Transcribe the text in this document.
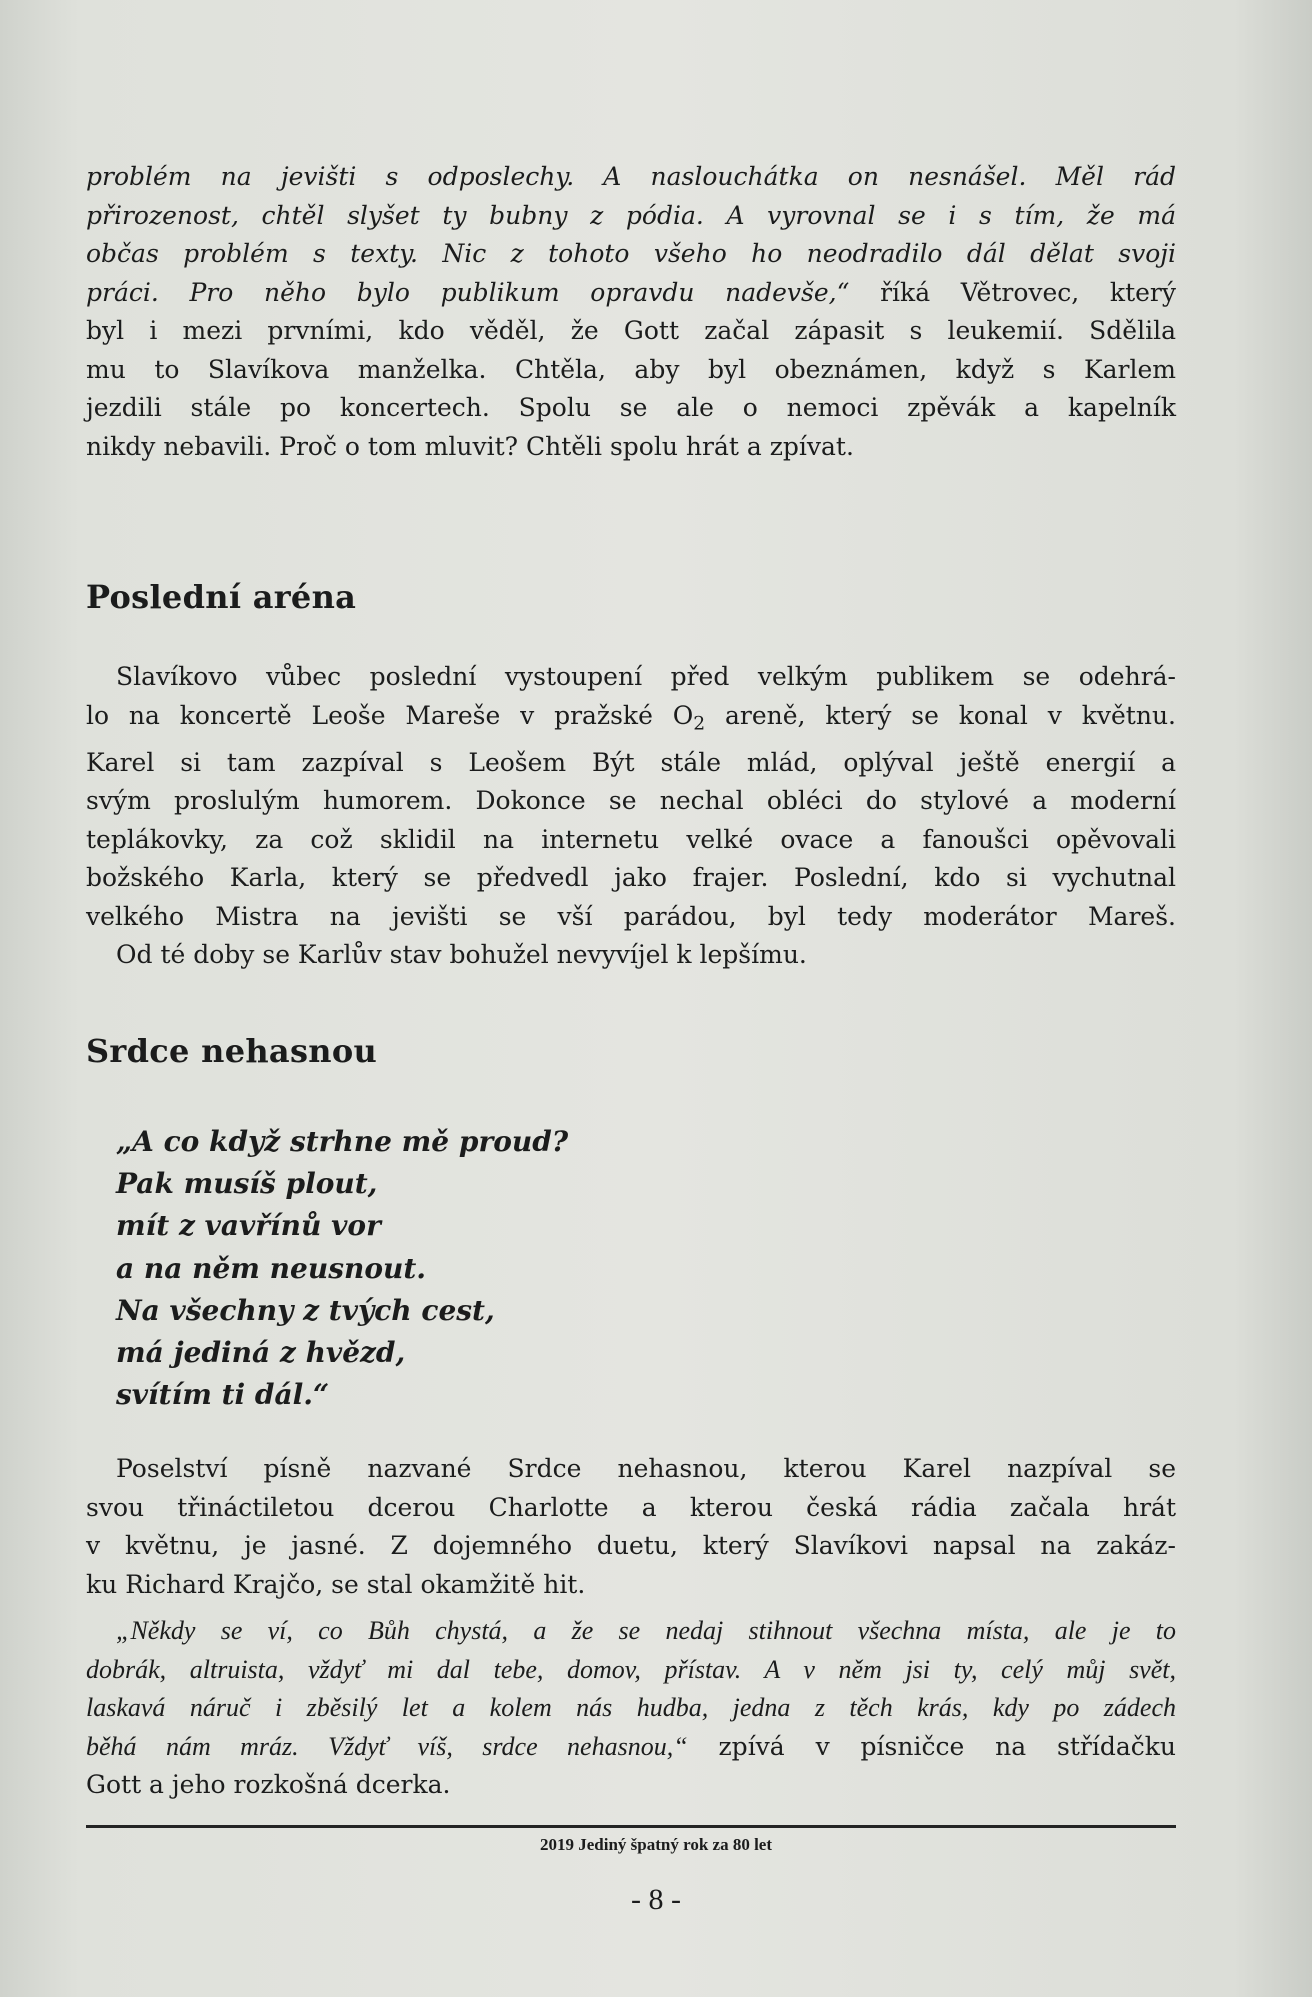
problém na jevišti s odposlechy. A naslouchátka on nesnášel. Měl rád
přirozenost, chtěl slyšet ty bubny z pódia. A vyrovnal se i s tím, že má
občas problém s texty. Nic z tohoto všeho ho neodradilo dál dělat svoji
práci. Pro něho bylo publikum opravdu nadevše,“ říká Větrovec, který
byl i mezi prvními, kdo věděl, že Gott začal zápasit s leukemií. Sdělila
mu to Slavíkova manželka. Chtěla, aby byl obeznámen, když s Karlem
jezdili stále po koncertech. Spolu se ale o nemoci zpěvák a kapelník
nikdy nebavili. Proč o tom mluvit? Chtěli spolu hrát a zpívat.

Poslední aréna

Slavíkovo vůbec poslední vystoupení před velkým publikem se odehrá-
lo na koncertě Leoše Mareše v pražské $O_2$ areně, který se konal v květnu.
Karel si tam zazpíval s Leošem Být stále mlád, oplýval ještě energií a
svým proslulým humorem. Dokonce se nechal obléci do stylové a moderní
teplákovky, za což sklidil na internetu velké ovace a fanoušci opěvovali
božského Karla, který se předvedl jako frajer. Poslední, kdo si vychutnal
velkého Mistra na jevišti se vší parádou, byl tedy moderátor Mareš.
Od té doby se Karlův stav bohužel nevyvíjel k lepšímu.

Srdce nehasnou
„A co když strhne mě proud?
Pak musíš plout,
mít z vavřínů vor
a na něm neusnout.
Na všechny z tvých cest,
má jediná z hvězd,
svítím ti dál.“

Poselství písně nazvané Srdce nehasnou, kterou Karel nazpíval se
svou třináctiletou dcerou Charlotte a kterou česká rádia začala hrát
v květnu, je jasné. Z dojemného duetu, který Slavíkovi napsal na zakáz-
ku Richard Krajčo, se stal okamžitě hit.

„Někdy se ví, co Bůh chystá, a že se nedaj stihnout všechna místa, ale je to
dobrák, altruista, vždyť mi dal tebe, domov, přístav. A v něm jsi ty, celý můj svět,
laskavá náruč i zběsilý let a kolem nás hudba, jedna z těch krás, kdy po zádech
běhá nám mráz. Vždyť víš, srdce nehasnou,“ zpívá v písničce na střídačku
Gott a jeho rozkošná dcerka.

2019 Jediný špatný rok za 80 let
- 8 -
